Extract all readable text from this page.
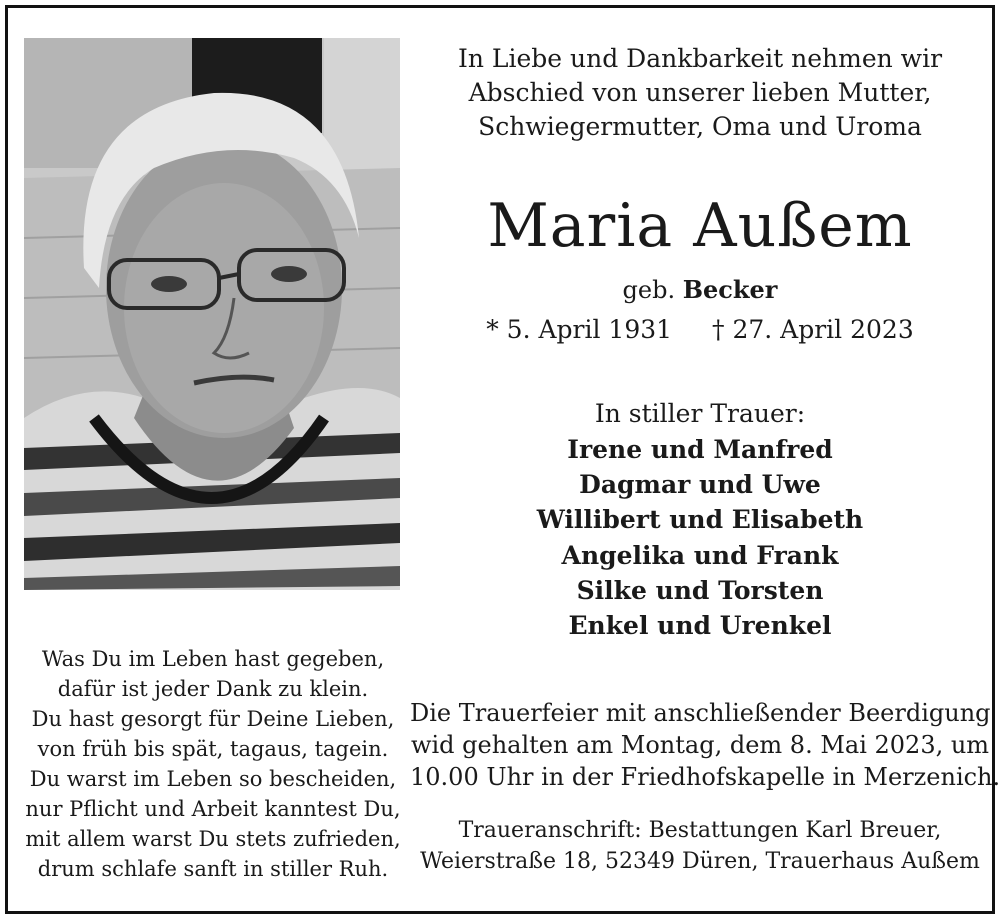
In Liebe und Dankbarkeit nehmen wir
Abschied von unserer lieben Mutter,
Schwiegermutter, Oma und Uroma
Maria Außem
geb. Becker
* 5. April 1931 † 27. April 2023
In stiller Trauer:
Irene und Manfred
Dagmar und Uwe
Willibert und Elisabeth
Angelika und Frank
Silke und Torsten
Enkel und Urenkel
Was Du im Leben hast gegeben,
dafür ist jeder Dank zu klein.
Du hast gesorgt für Deine Lieben,
von früh bis spät, tagaus, tagein.
Du warst im Leben so bescheiden,
nur Pflicht und Arbeit kanntest Du,
mit allem warst Du stets zufrieden,
drum schlafe sanft in stiller Ruh.
Die Trauerfeier mit anschließender Beerdigung
wid gehalten am Montag, dem 8. Mai 2023, um
10.00 Uhr in der Friedhofskapelle in Merzenich.
Traueranschrift: Bestattungen Karl Breuer,
Weierstraße 18, 52349 Düren, Trauerhaus Außem
